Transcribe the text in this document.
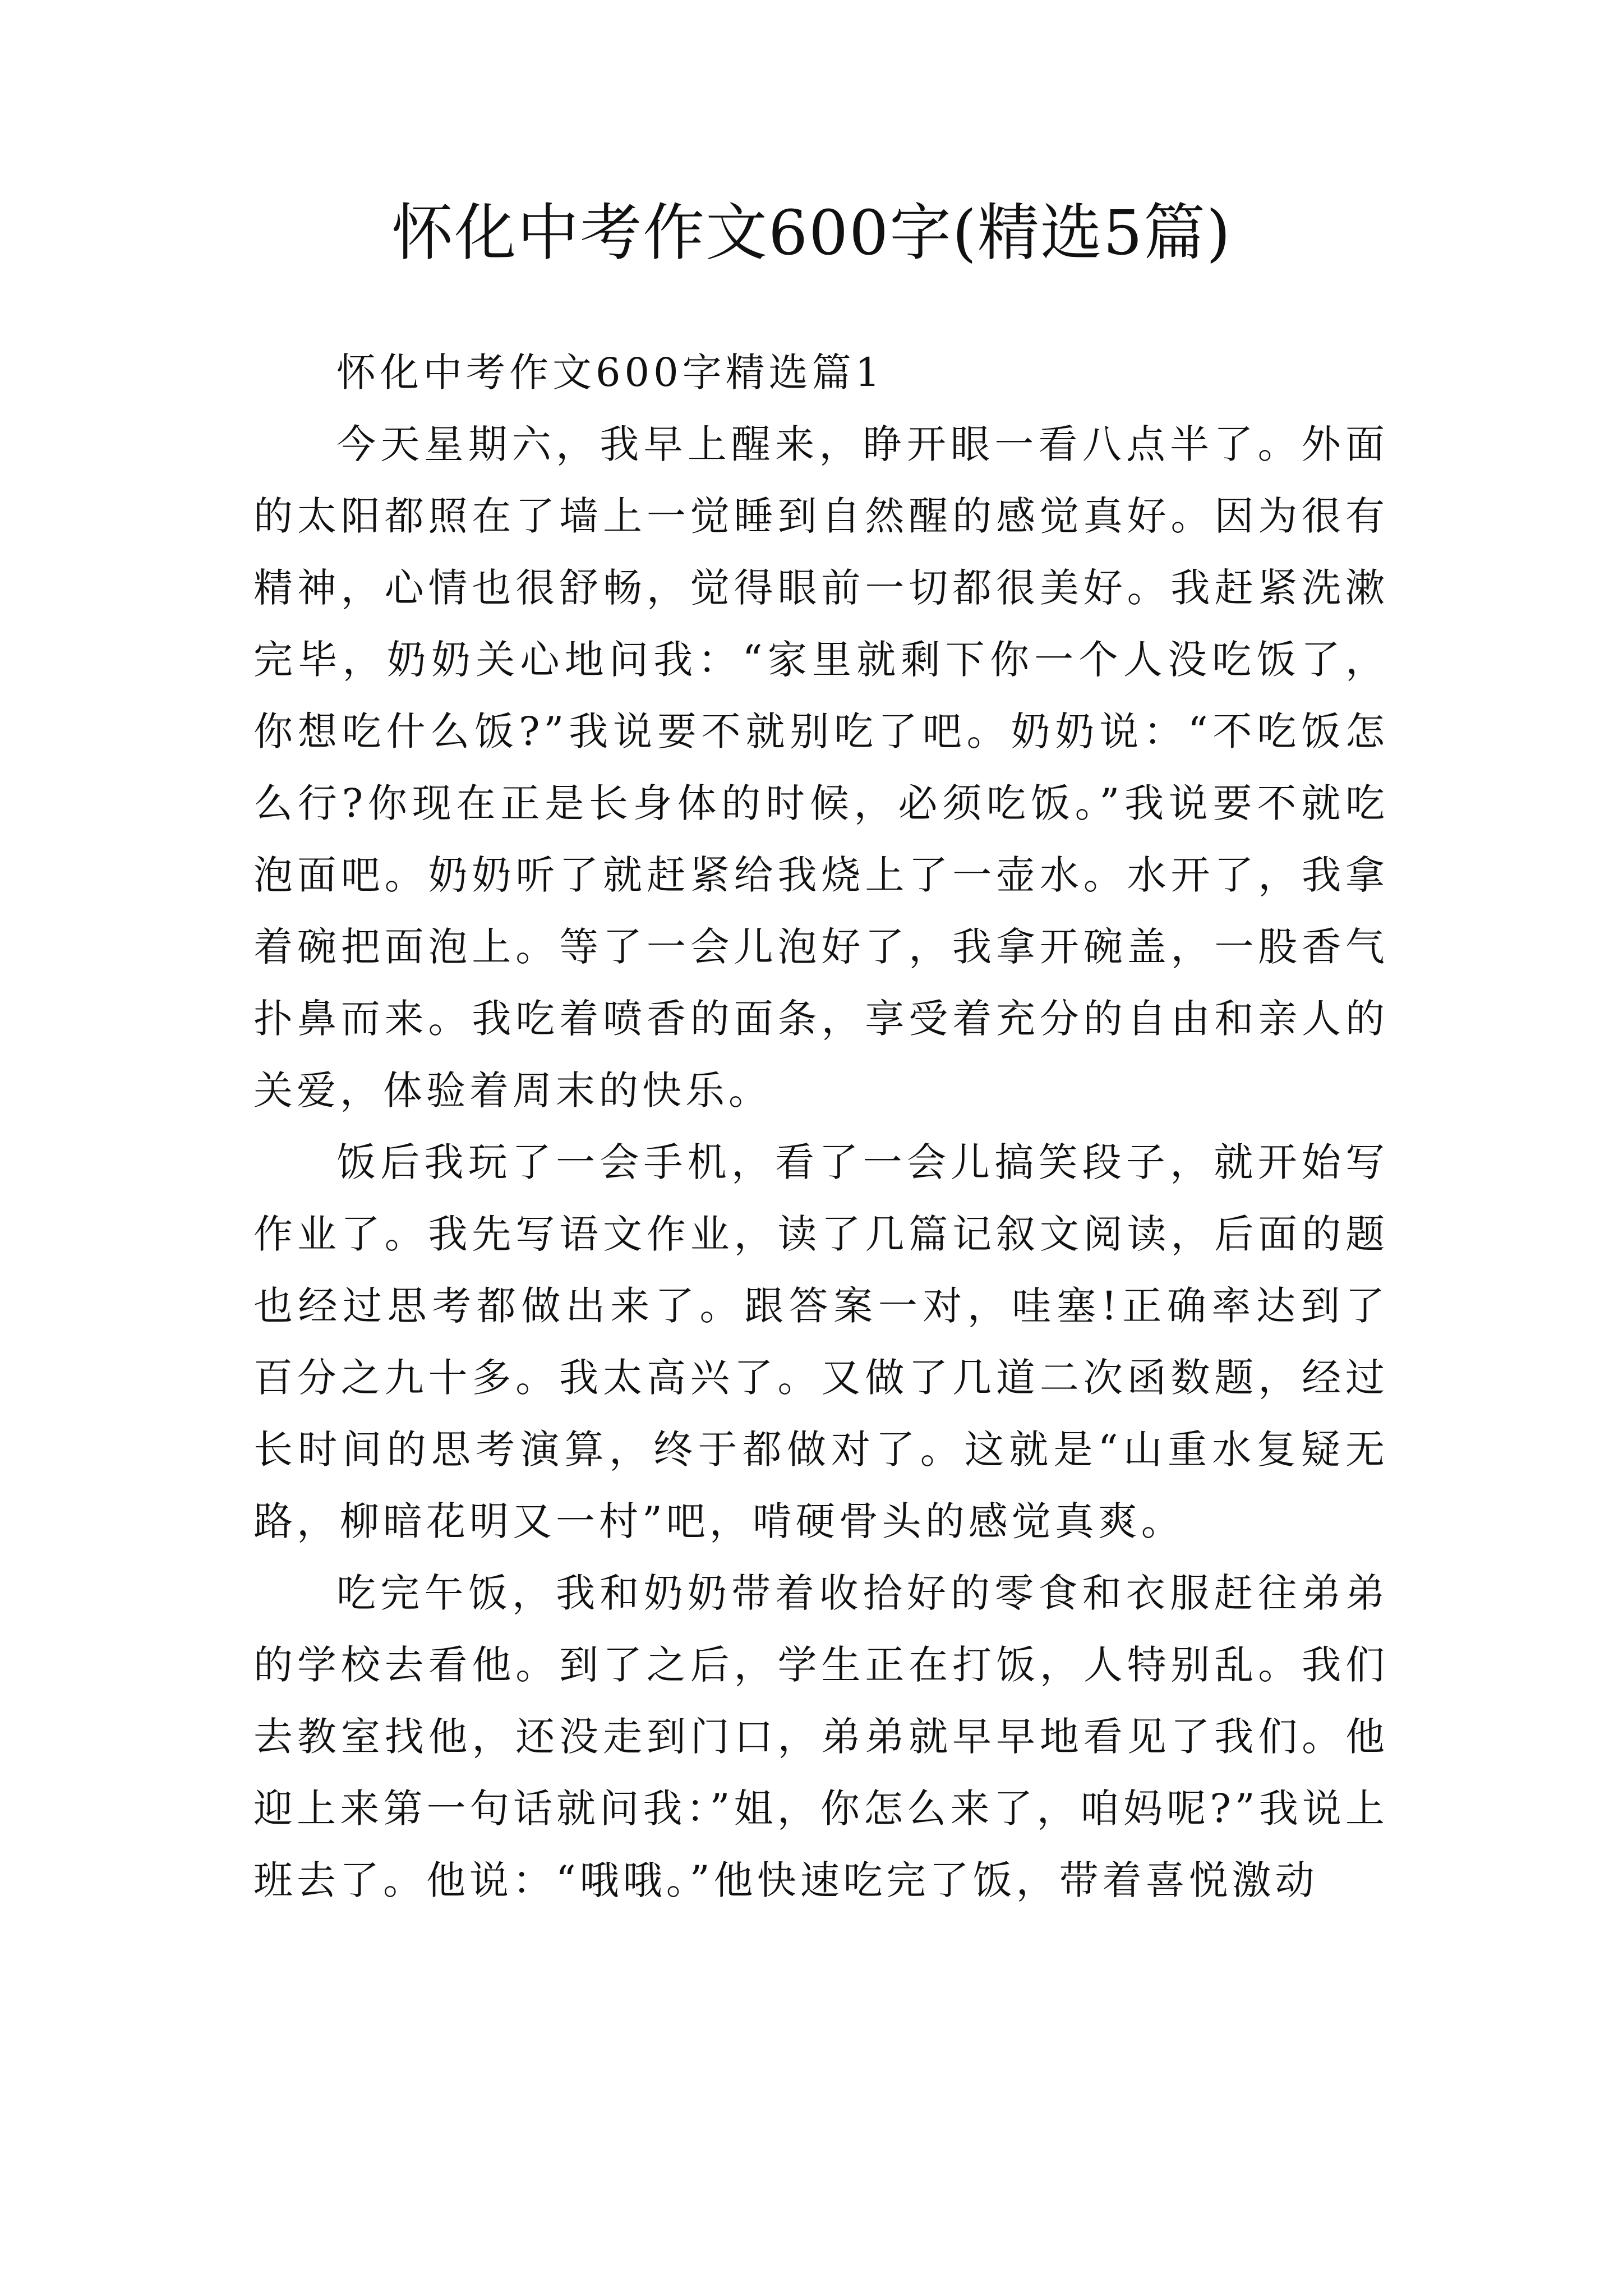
怀化中考作文600字(精选5篇)

怀化中考作文600字精选篇1

今天星期六，我早上醒来，睁开眼一看八点半了。外面的太阳都照在了墙上一觉睡到自然醒的感觉真好。因为很有精神，心情也很舒畅，觉得眼前一切都很美好。我赶紧洗漱完毕，奶奶关心地问我：“家里就剩下你一个人没吃饭了，你想吃什么饭?”我说要不就别吃了吧。奶奶说：“不吃饭怎么行?你现在正是长身体的时候，必须吃饭。”我说要不就吃泡面吧。奶奶听了就赶紧给我烧上了一壶水。水开了，我拿着碗把面泡上。等了一会儿泡好了，我拿开碗盖，一股香气扑鼻而来。我吃着喷香的面条，享受着充分的自由和亲人的关爱，体验着周末的快乐。

饭后我玩了一会手机，看了一会儿搞笑段子，就开始写作业了。我先写语文作业，读了几篇记叙文阅读，后面的题也经过思考都做出来了。跟答案一对，哇塞!正确率达到了百分之九十多。我太高兴了。又做了几道二次函数题，经过长时间的思考演算，终于都做对了。这就是“山重水复疑无路，柳暗花明又一村”吧，啃硬骨头的感觉真爽。

吃完午饭，我和奶奶带着收拾好的零食和衣服赶往弟弟的学校去看他。到了之后，学生正在打饭，人特别乱。我们去教室找他，还没走到门口，弟弟就早早地看见了我们。他迎上来第一句话就问我：”姐，你怎么来了，咱妈呢?”我说上班去了。他说：“哦哦。”他快速吃完了饭，带着喜悦激动
